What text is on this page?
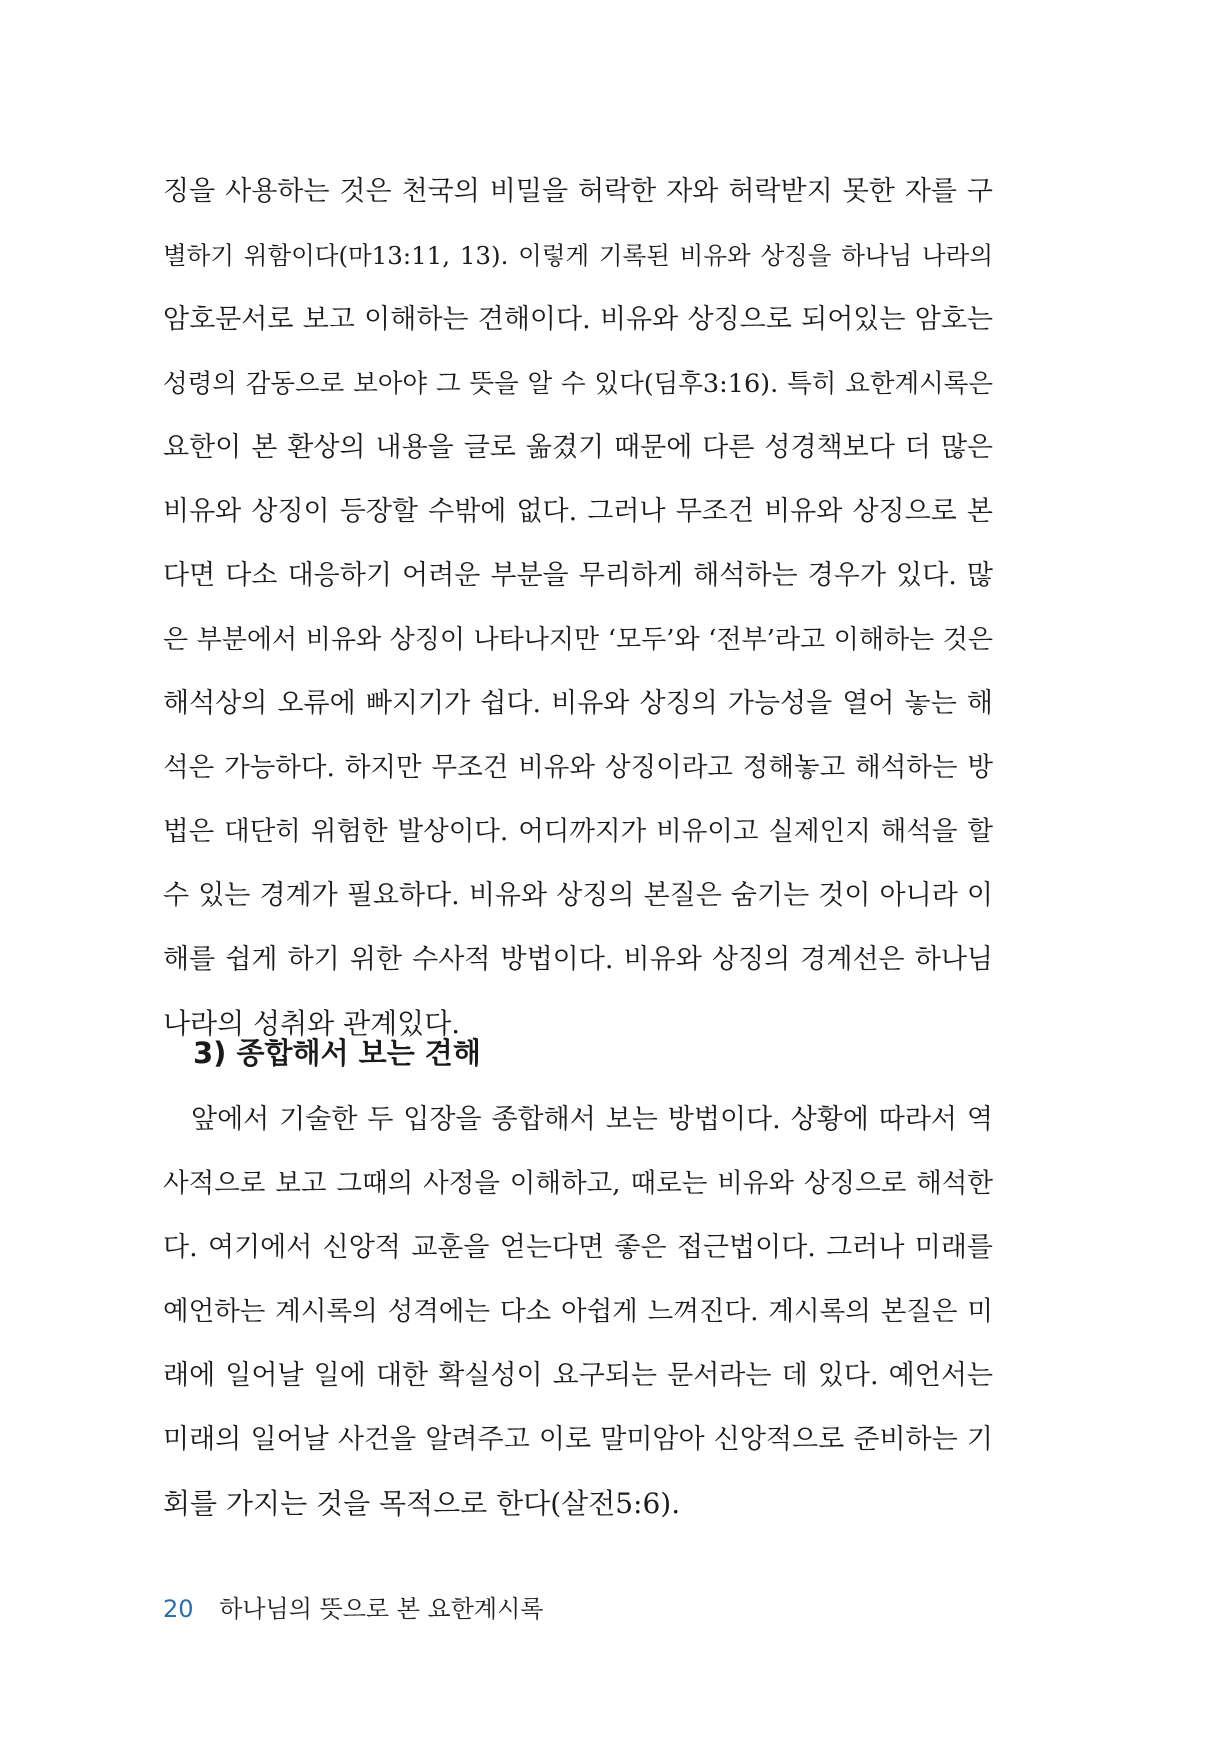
징을 사용하는 것은 천국의 비밀을 허락한 자와 허락받지 못한 자를 구
별하기 위함이다(마13:11, 13). 이렇게 기록된 비유와 상징을 하나님 나라의
암호문서로 보고 이해하는 견해이다. 비유와 상징으로 되어있는 암호는
성령의 감동으로 보아야 그 뜻을 알 수 있다(딤후3:16). 특히 요한계시록은
요한이 본 환상의 내용을 글로 옮겼기 때문에 다른 성경책보다 더 많은
비유와 상징이 등장할 수밖에 없다. 그러나 무조건 비유와 상징으로 본
다면 다소 대응하기 어려운 부분을 무리하게 해석하는 경우가 있다. 많
은 부분에서 비유와 상징이 나타나지만 ‘모두’와 ‘전부’라고 이해하는 것은
해석상의 오류에 빠지기가 쉽다. 비유와 상징의 가능성을 열어 놓는 해
석은 가능하다. 하지만 무조건 비유와 상징이라고 정해놓고 해석하는 방
법은 대단히 위험한 발상이다. 어디까지가 비유이고 실제인지 해석을 할
수 있는 경계가 필요하다. 비유와 상징의 본질은 숨기는 것이 아니라 이
해를 쉽게 하기 위한 수사적 방법이다. 비유와 상징의 경계선은 하나님
나라의 성취와 관계있다.
3) 종합해서 보는 견해
앞에서 기술한 두 입장을 종합해서 보는 방법이다. 상황에 따라서 역
사적으로 보고 그때의 사정을 이해하고, 때로는 비유와 상징으로 해석한
다. 여기에서 신앙적 교훈을 얻는다면 좋은 접근법이다. 그러나 미래를
예언하는 계시록의 성격에는 다소 아쉽게 느껴진다. 계시록의 본질은 미
래에 일어날 일에 대한 확실성이 요구되는 문서라는 데 있다. 예언서는
미래의 일어날 사건을 알려주고 이로 말미암아 신앙적으로 준비하는 기
회를 가지는 것을 목적으로 한다(살전5:6).
20 하나님의 뜻으로 본 요한계시록
